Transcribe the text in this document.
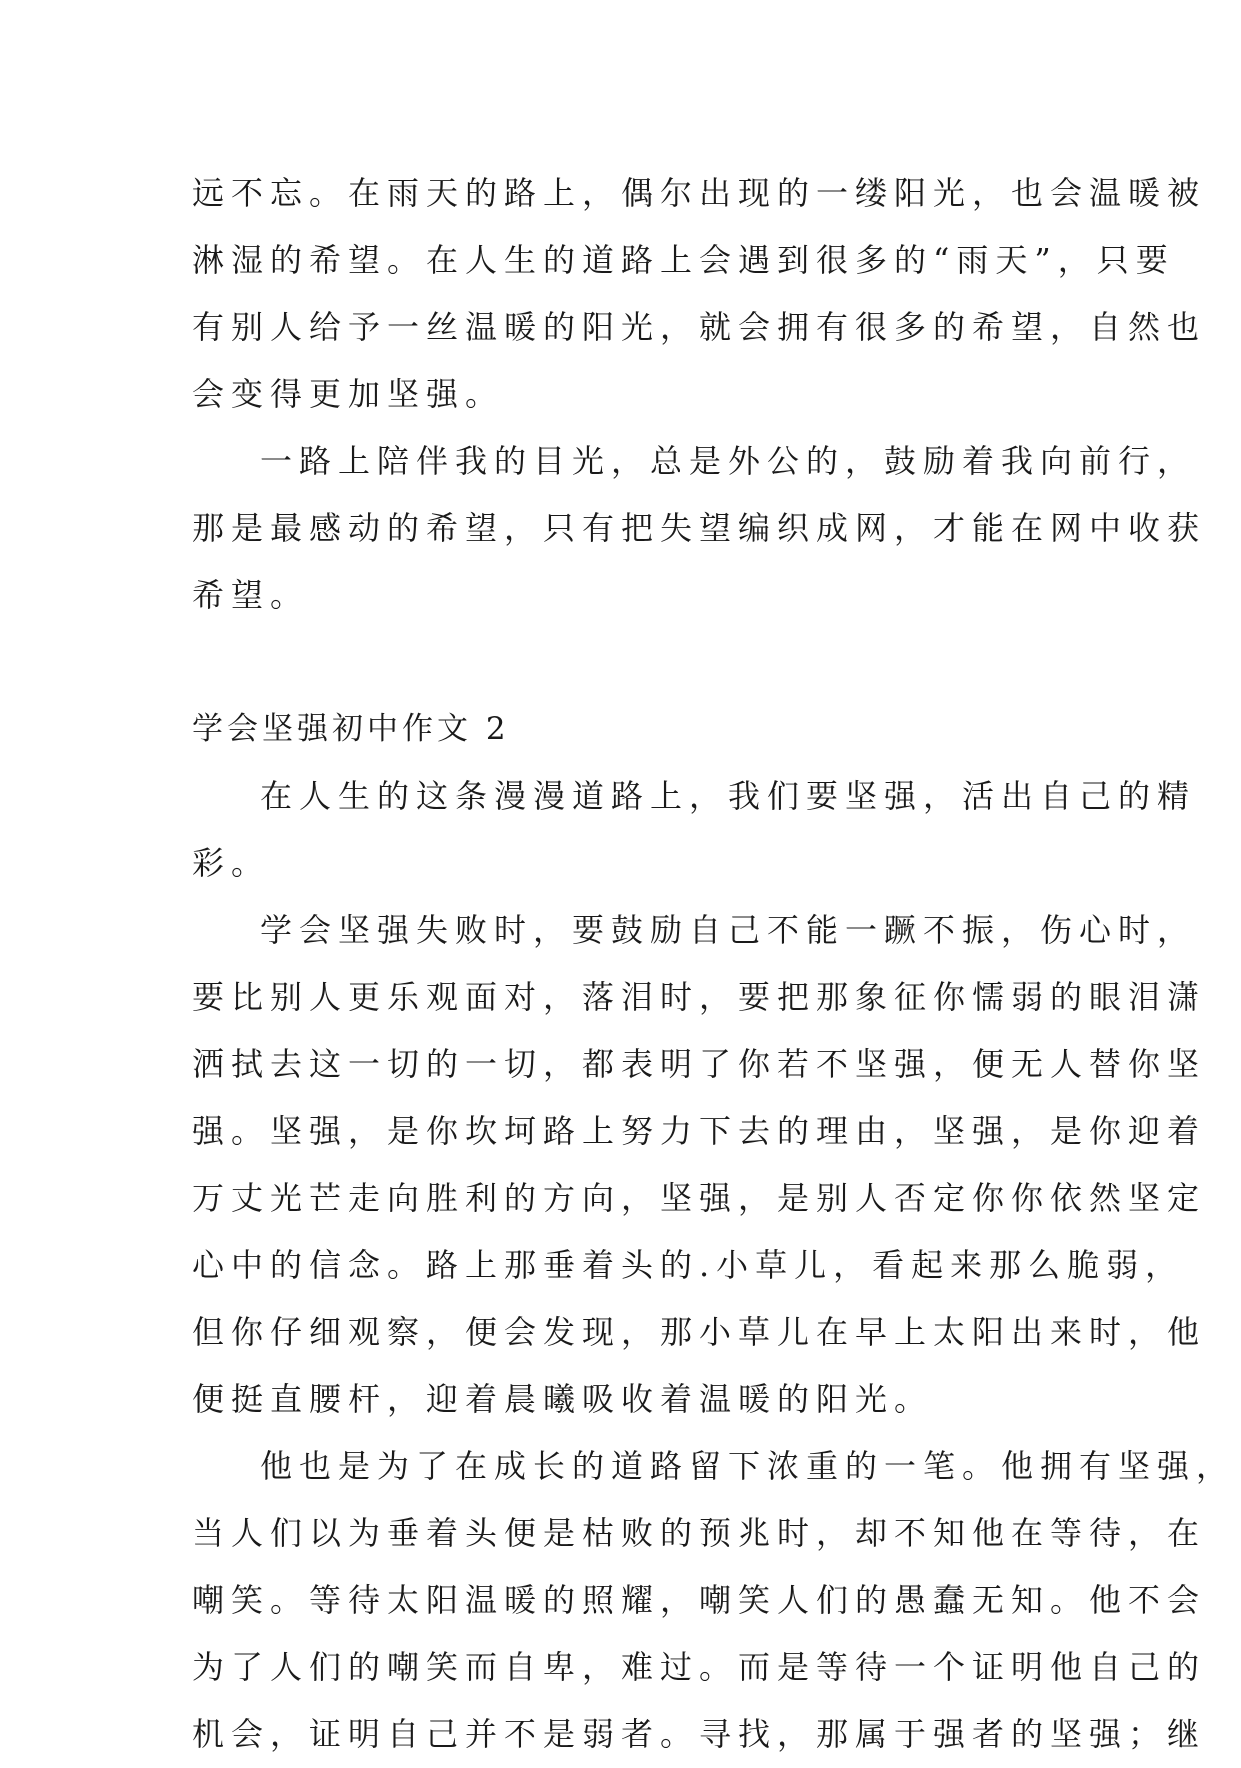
远不忘。在雨天的路上，偶尔出现的一缕阳光，也会温暖被
淋湿的希望。在人生的道路上会遇到很多的“雨天”，只要
有别人给予一丝温暖的阳光，就会拥有很多的希望，自然也
会变得更加坚强。
一路上陪伴我的目光，总是外公的，鼓励着我向前行，
那是最感动的希望，只有把失望编织成网，才能在网中收获
希望。
学会坚强初中作文 2
在人生的这条漫漫道路上，我们要坚强，活出自己的精
彩。
学会坚强失败时，要鼓励自己不能一蹶不振，伤心时，
要比别人更乐观面对，落泪时，要把那象征你懦弱的眼泪潇
洒拭去这一切的一切，都表明了你若不坚强，便无人替你坚
强。坚强，是你坎坷路上努力下去的理由，坚强，是你迎着
万丈光芒走向胜利的方向，坚强，是别人否定你你依然坚定
心中的信念。路上那垂着头的.小草儿，看起来那么脆弱，
但你仔细观察，便会发现，那小草儿在早上太阳出来时，他
便挺直腰杆，迎着晨曦吸收着温暖的阳光。
他也是为了在成长的道路留下浓重的一笔。他拥有坚强，
当人们以为垂着头便是枯败的预兆时，却不知他在等待，在
嘲笑。等待太阳温暖的照耀，嘲笑人们的愚蠢无知。他不会
为了人们的嘲笑而自卑，难过。而是等待一个证明他自己的
机会，证明自己并不是弱者。寻找，那属于强者的坚强；继
